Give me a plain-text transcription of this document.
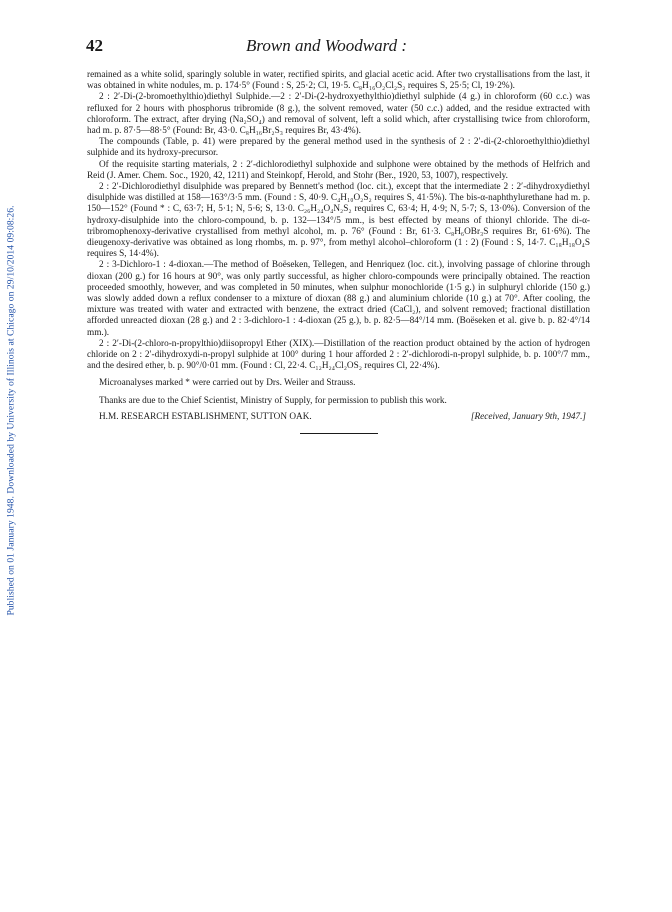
Published on 01 January 1948. Downloaded by University of Illinois at Chicago on 29/10/2014 09:08:26.
42	Brown and Woodward :

remained as a white solid, sparingly soluble in water, rectified spirits, and glacial acetic acid. After two crystallisations from the last, it was obtained in white nodules, m. p. 174·5° (Found : S, 25·2; Cl, 19·5. C₈H₁₆O₂Cl₂S₂ requires S, 25·5; Cl, 19·2%).

2 : 2′-Di-(2-bromoethylthio)diethyl Sulphide.—2 : 2′-Di-(2-hydroxyethylthio)diethyl sulphide (4 g.) in chloroform (60 c.c.) was refluxed for 2 hours with phosphorus tribromide (8 g.), the solvent removed, water (50 c.c.) added, and the residue extracted with chloroform. The extract, after drying (Na₂SO₄) and removal of solvent, left a solid which, after crystallising twice from chloroform, had m. p. 87·5—88·5° (Found: Br, 43·0. C₈H₁₆Br₂S₃ requires Br, 43·4%).

The compounds (Table, p. 41) were prepared by the general method used in the synthesis of 2 : 2′-di-(2-chloroethylthio)diethyl sulphide and its hydroxy-precursor.

Of the requisite starting materials, 2 : 2′-dichlorodiethyl sulphoxide and sulphone were obtained by the methods of Helfrich and Reid (J. Amer. Chem. Soc., 1920, 42, 1211) and Steinkopf, Herold, and Stohr (Ber., 1920, 53, 1007), respectively.

2 : 2′-Dichlorodiethyl disulphide was prepared by Bennett's method (loc. cit.), except that the intermediate 2 : 2′-dihydroxydiethyl disulphide was distilled at 158—163°/3·5 mm. (Found : S, 40·9. C₄H₁₀O₂S₂ requires S, 41·5%). The bis-α-naphthylurethane had m. p. 150—152° (Found * : C, 63·7; H, 5·1; N, 5·6; S, 13·0. C₂₆H₂₄O₄N₂S₂ requires C, 63·4; H, 4·9; N, 5·7; S, 13·0%). Conversion of the hydroxy-disulphide into the chloro-compound, b. p. 132—134°/5 mm., is best effected by means of thionyl chloride. The di-α-tribromophenoxy-derivative crystallised from methyl alcohol, m. p. 76° (Found : Br, 61·3. C₈H₆OBr₃S requires Br, 61·6%). The dieugenoxy-derivative was obtained as long rhombs, m. p. 97°, from methyl alcohol–chloroform (1 : 2) (Found : S, 14·7. C₁₈H₁₈O₄S requires S, 14·4%).

2 : 3-Dichloro-1 : 4-dioxan.—The method of Boëseken, Tellegen, and Henriquez (loc. cit.), involving passage of chlorine through dioxan (200 g.) for 16 hours at 90°, was only partly successful, as higher chloro-compounds were principally obtained. The reaction proceeded smoothly, however, and was completed in 50 minutes, when sulphur monochloride (1·5 g.) in sulphuryl chloride (150 g.) was slowly added down a reflux condenser to a mixture of dioxan (88 g.) and aluminium chloride (10 g.) at 70°. After cooling, the mixture was treated with water and extracted with benzene, the extract dried (CaCl₂), and solvent removed; fractional distillation afforded unreacted dioxan (28 g.) and 2 : 3-dichloro-1 : 4-dioxan (25 g.), b. p. 82·5—84°/14 mm. (Boëseken et al. give b. p. 82·4°/14 mm.).

2 : 2′-Di-(2-chloro-n-propylthio)diisopropyl Ether (XIX).—Distillation of the reaction product obtained by the action of hydrogen chloride on 2 : 2′-dihydroxydi-n-propyl sulphide at 100° during 1 hour afforded 2 : 2′-dichlorodi-n-propyl sulphide, b. p. 100°/7 mm., and the desired ether, b. p. 90°/0·01 mm. (Found : Cl, 22·4. C₁₂H₂₄Cl₂OS₂ requires Cl, 22·4%).

Microanalyses marked * were carried out by Drs. Weiler and Strauss.

Thanks are due to the Chief Scientist, Ministry of Supply, for permission to publish this work.

H.M. RESEARCH ESTABLISHMENT, SUTTON OAK.	[Received, January 9th, 1947.]
